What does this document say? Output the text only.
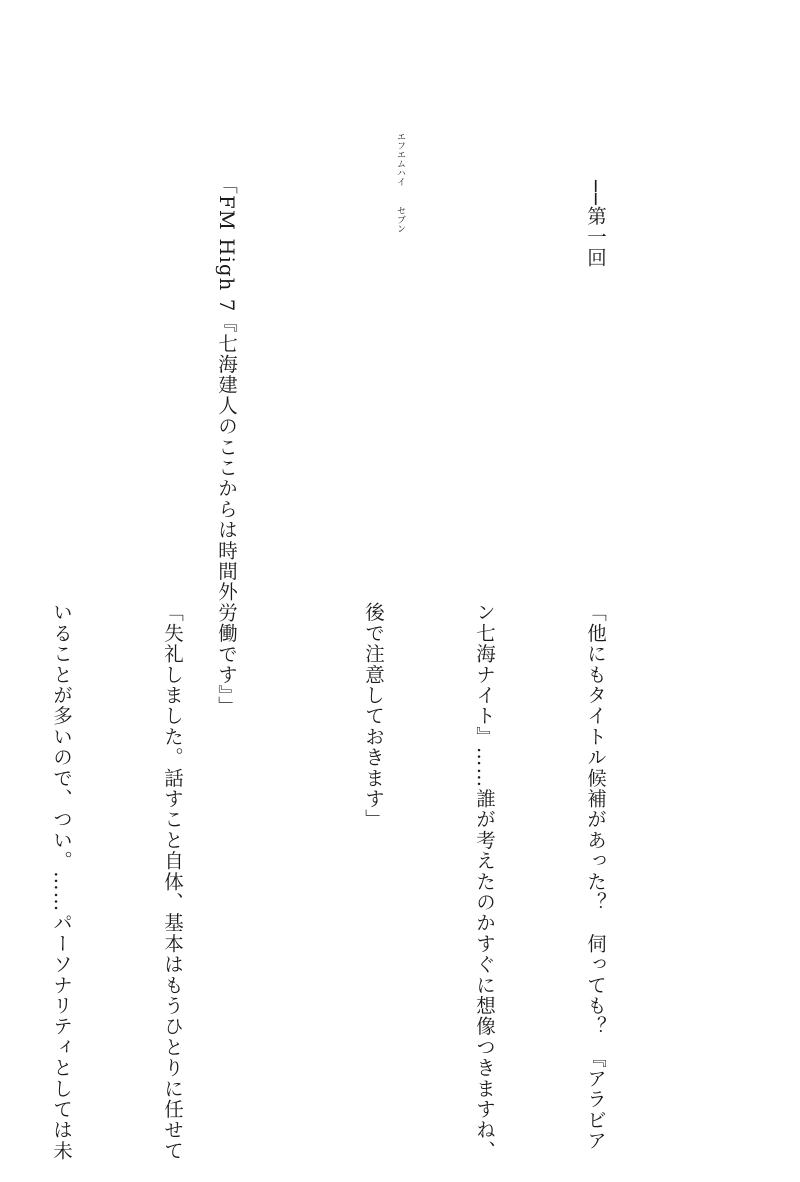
──第一回

エフエム

ハイ

セブン

「FM High 7『七海建人のここからは時間外労働です』」

「他にもタイトル候補があった？　伺っても？　『アラビア

ン七海ナイト』……誰が考えたのかすぐに想像つきますね、

後で注意しておきます」

「失礼しました。話すこと自体、基本はもうひとりに任せて

いることが多いので、つい。……パーソナリティとしては未
